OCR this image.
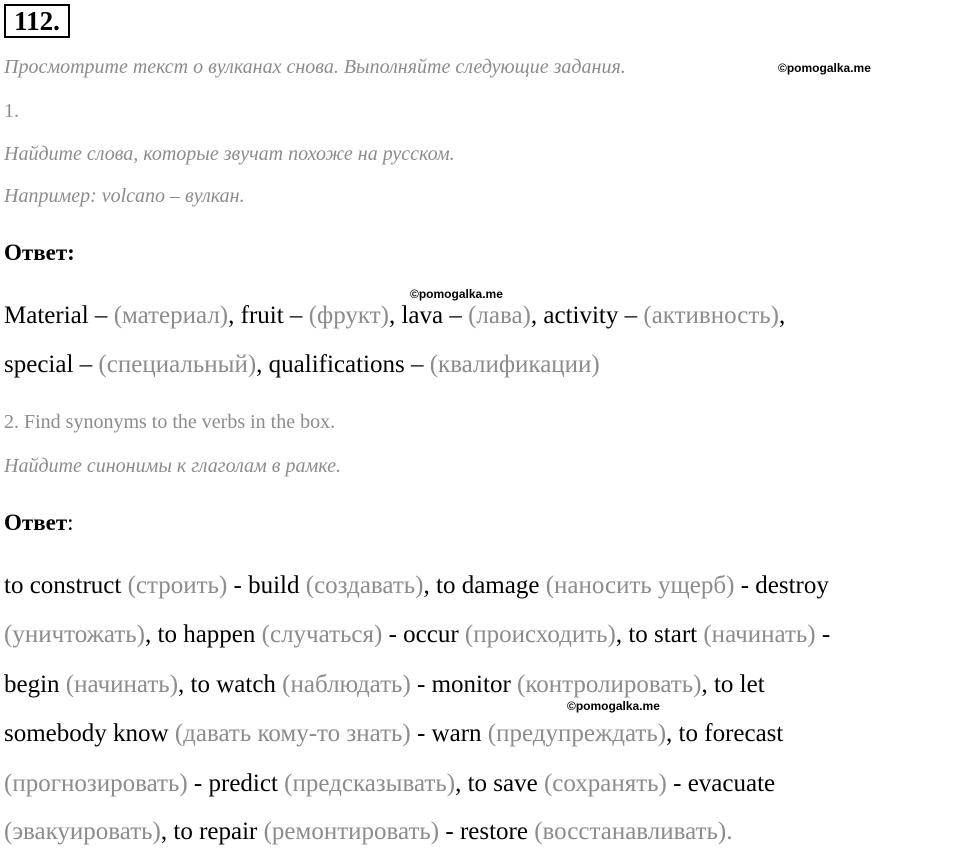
112.
Просмотрите текст о вулканах снова. Выполняйте следующие задания.	©pomogalka.me
1.
Найдите слова, которые звучат похоже на русском.
Например: volcano – вулкан.
Ответ:
©pomogalka.me
Material – (материал), fruit – (фрукт), lava – (лава), activity – (активность),
special – (специальный), qualifications – (квалификации)
2. Find synonyms to the verbs in the box.
Найдите синонимы к глаголам в рамке.
Ответ:
to construct (строить) - build (создавать), to damage (наносить ущерб) - destroy
(уничтожать), to happen (случаться) - occur (происходить), to start (начинать) -
begin (начинать), to watch (наблюдать) - monitor (контролировать), to let
©pomogalka.me
somebody know (давать кому-то знать) - warn (предупреждать), to forecast
(прогнозировать) - predict (предсказывать), to save (сохранять) - evacuate
(эвакуировать), to repair (ремонтировать) - restore (восстанавливать).
